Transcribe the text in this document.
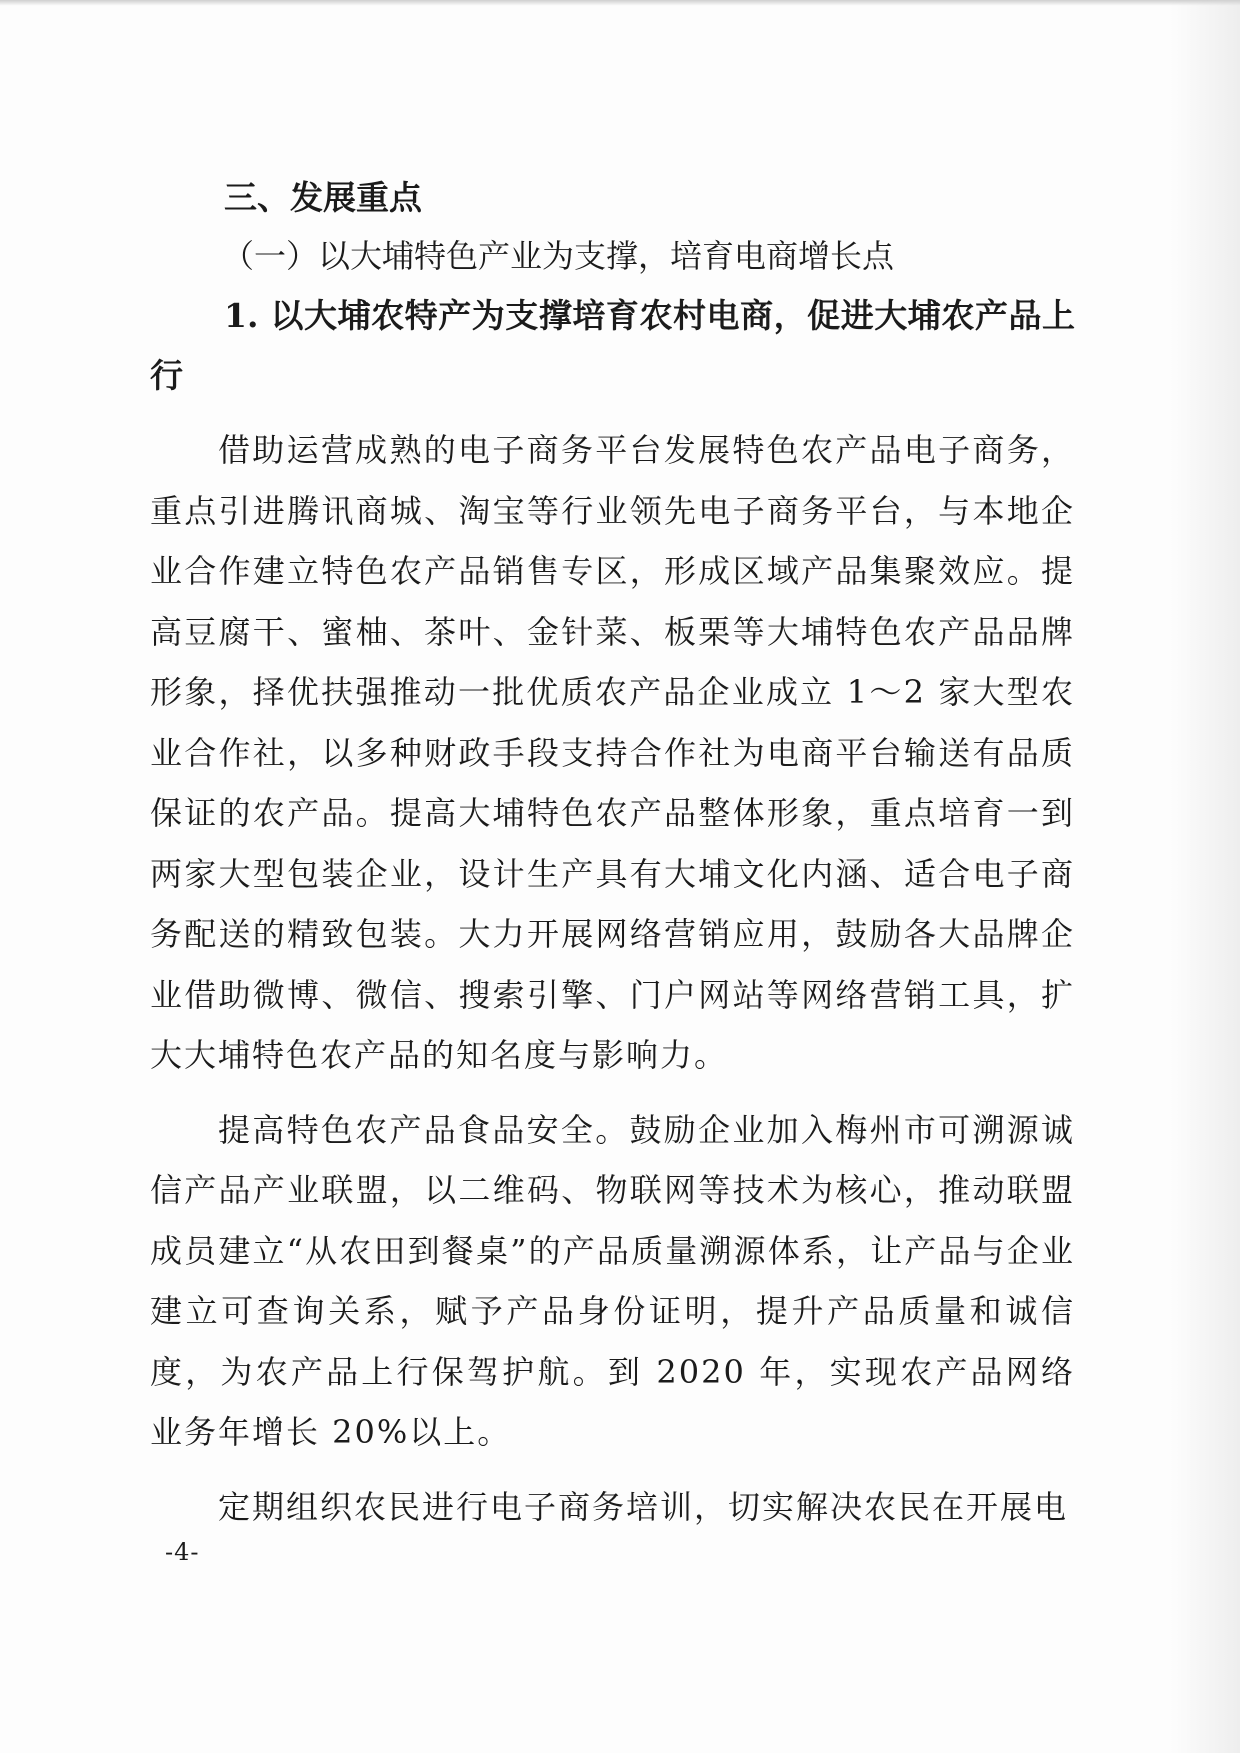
三、发展重点
（一）以大埔特色产业为支撑，培育电商增长点
1. 以大埔农特产为支撑培育农村电商，促进大埔农产品上行

借助运营成熟的电子商务平台发展特色农产品电子商务，重点引进腾讯商城、淘宝等行业领先电子商务平台，与本地企业合作建立特色农产品销售专区，形成区域产品集聚效应。提高豆腐干、蜜柚、茶叶、金针菜、板栗等大埔特色农产品品牌形象，择优扶强推动一批优质农产品企业成立 1～2 家大型农业合作社，以多种财政手段支持合作社为电商平台输送有品质保证的农产品。提高大埔特色农产品整体形象，重点培育一到两家大型包装企业，设计生产具有大埔文化内涵、适合电子商务配送的精致包装。大力开展网络营销应用，鼓励各大品牌企业借助微博、微信、搜索引擎、门户网站等网络营销工具，扩大大埔特色农产品的知名度与影响力。

提高特色农产品食品安全。鼓励企业加入梅州市可溯源诚信产品产业联盟，以二维码、物联网等技术为核心，推动联盟成员建立“从农田到餐桌”的产品质量溯源体系，让产品与企业建立可查询关系，赋予产品身份证明，提升产品质量和诚信度，为农产品上行保驾护航。到 2020 年，实现农产品网络业务年增长 20%以上。

定期组织农民进行电子商务培训，切实解决农民在开展电

-4-
